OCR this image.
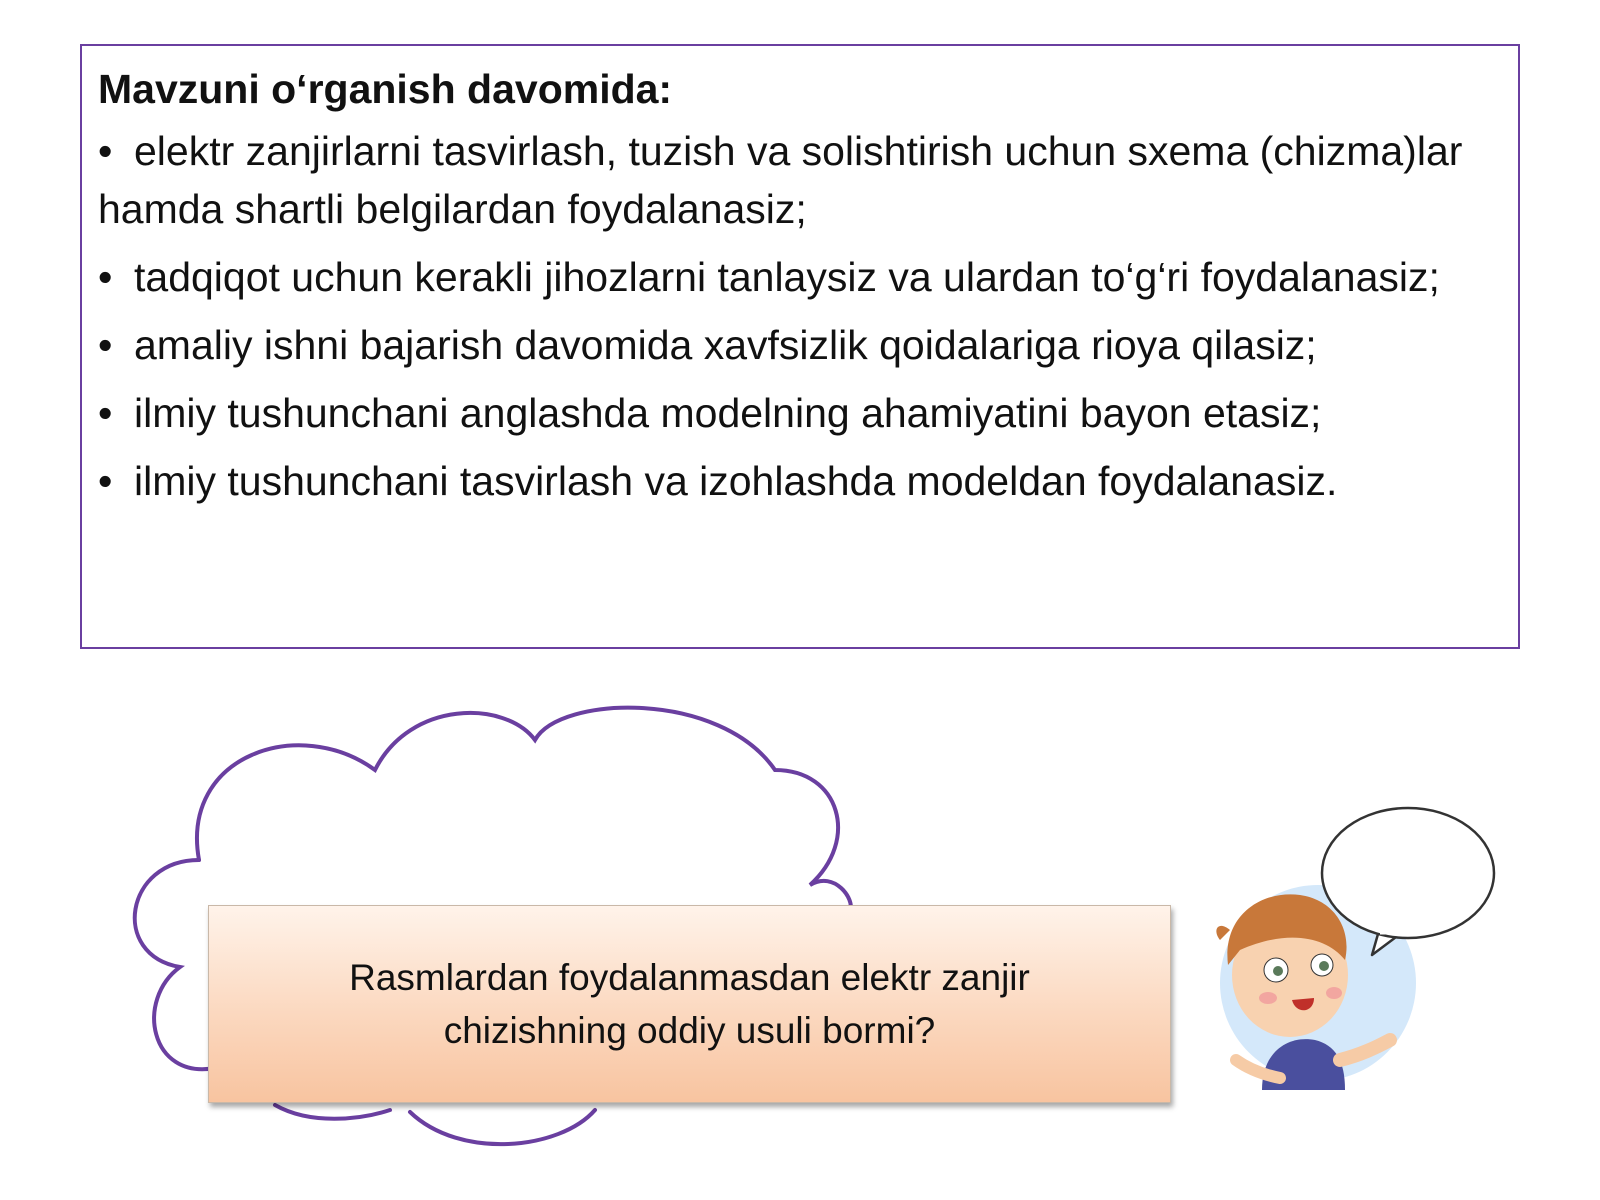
Mavzuni o‘rganish davomida:

• elektr zanjirlarni tasvirlash, tuzish va solishtirish uchun sxema (chizma)lar hamda shartli belgilardan foydalanasiz;
• tadqiqot uchun kerakli jihozlarni tanlaysiz va ulardan to‘g‘ri foydalanasiz;
• amaliy ishni bajarish davomida xavfsizlik qoidalariga rioya qilasiz;
• ilmiy tushunchani anglashda modelning ahamiyatini bayon etasiz;
• ilmiy tushunchani tasvirlash va izohlashda modeldan foydalanasiz.

Rasmlardan foydalanmasdan elektr zanjir
chizishning oddiy usuli bormi?
